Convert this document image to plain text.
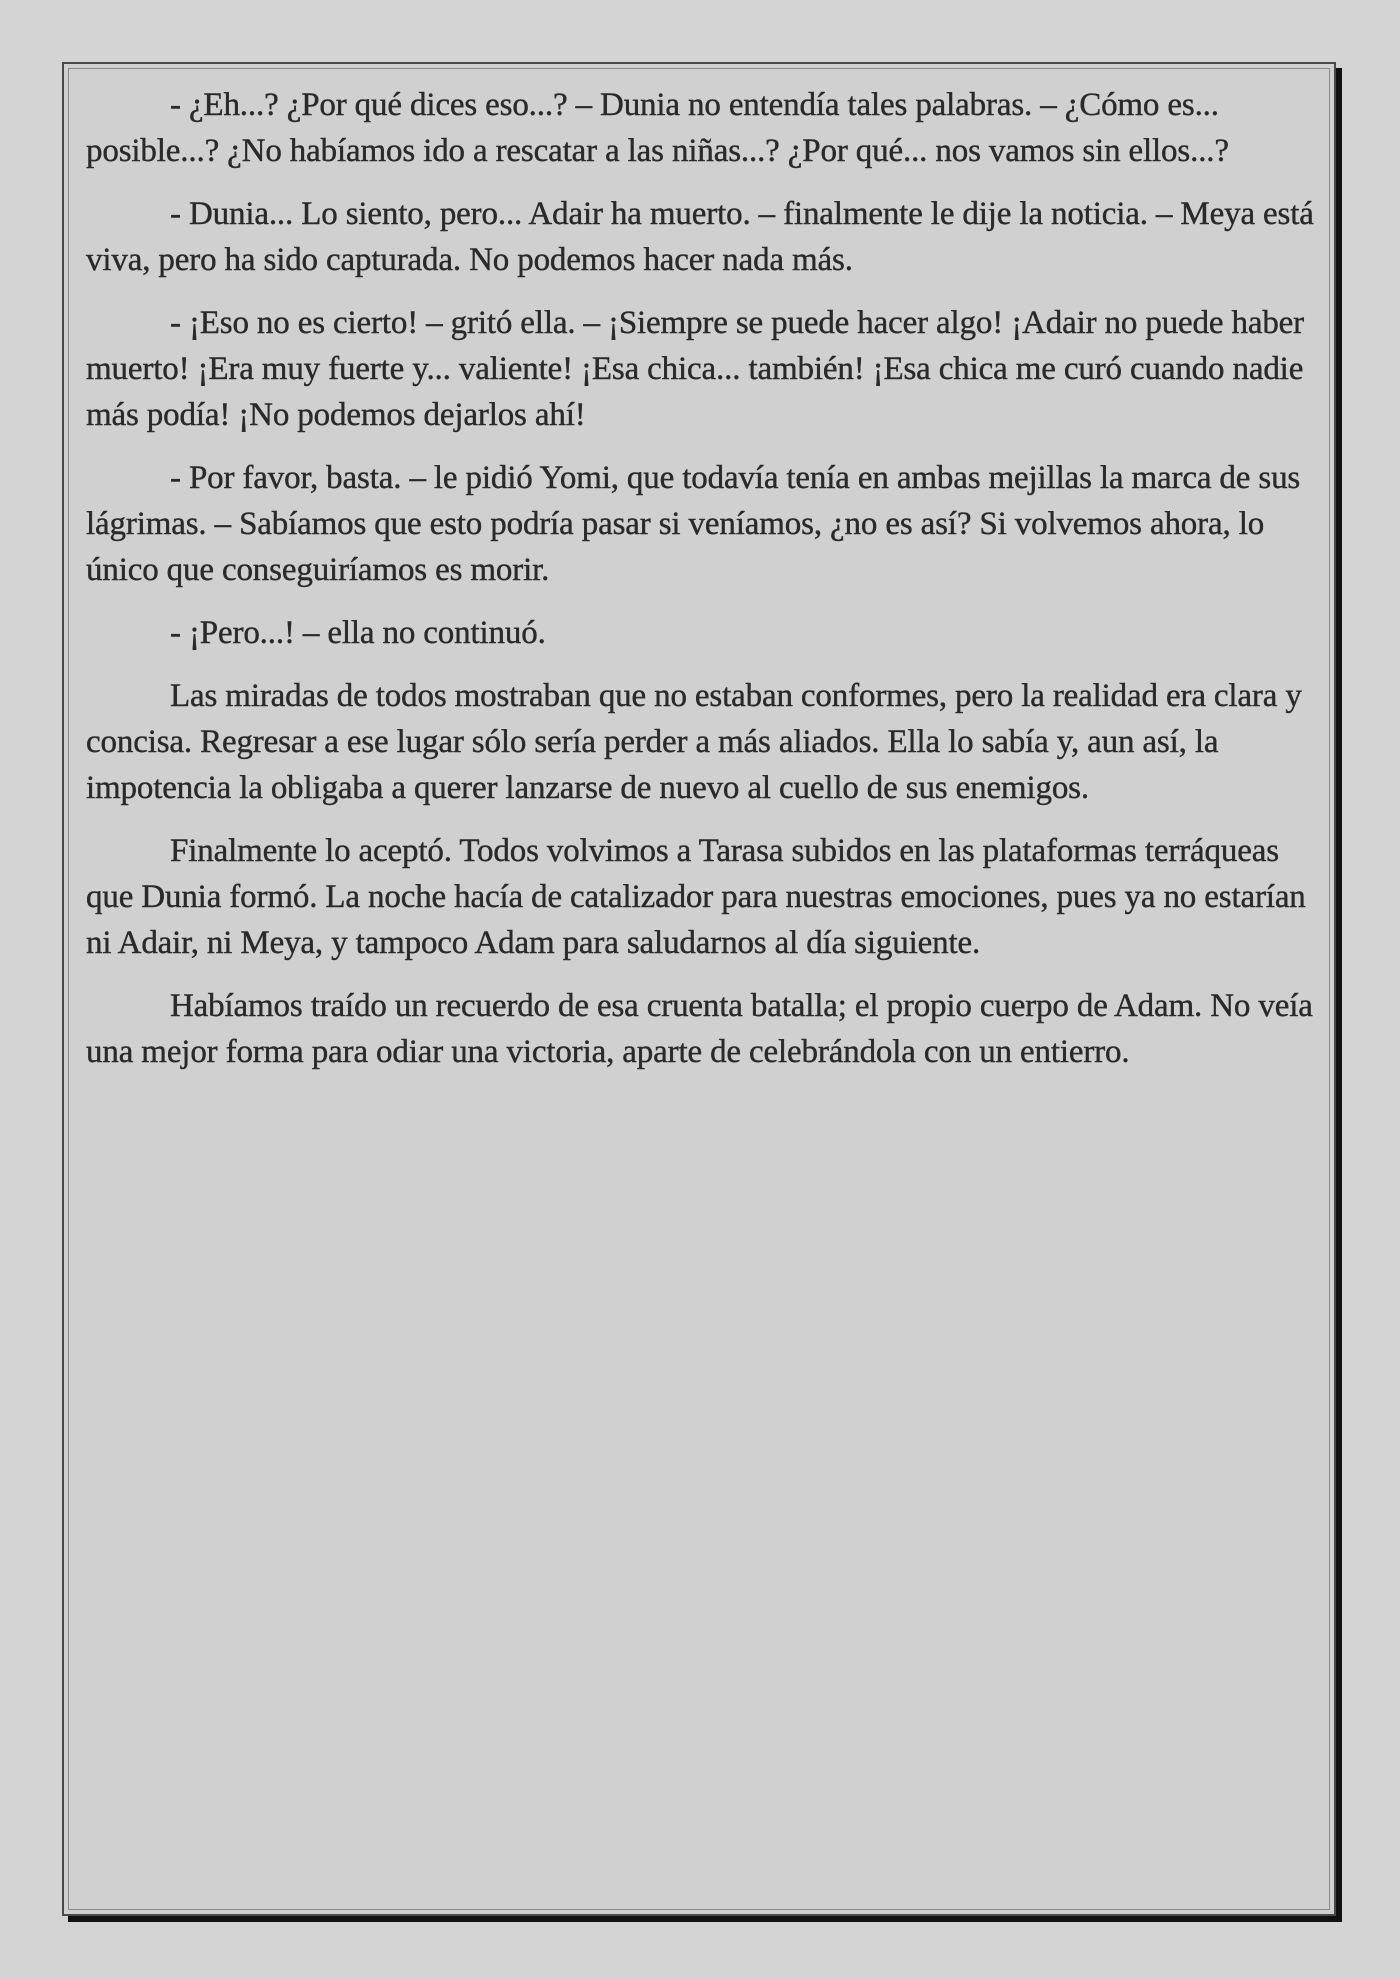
- ¿Eh...? ¿Por qué dices eso...? – Dunia no entendía tales palabras. – ¿Cómo es... posible...? ¿No habíamos ido a rescatar a las niñas...? ¿Por qué... nos vamos sin ellos...?

- Dunia... Lo siento, pero... Adair ha muerto. – finalmente le dije la noticia. – Meya está viva, pero ha sido capturada. No podemos hacer nada más.

- ¡Eso no es cierto! – gritó ella. – ¡Siempre se puede hacer algo! ¡Adair no puede haber muerto! ¡Era muy fuerte y... valiente! ¡Esa chica... también! ¡Esa chica me curó cuando nadie más podía! ¡No podemos dejarlos ahí!

- Por favor, basta. – le pidió Yomi, que todavía tenía en ambas mejillas la marca de sus lágrimas. – Sabíamos que esto podría pasar si veníamos, ¿no es así? Si volvemos ahora, lo único que conseguiríamos es morir.

- ¡Pero...! – ella no continuó.

Las miradas de todos mostraban que no estaban conformes, pero la realidad era clara y concisa. Regresar a ese lugar sólo sería perder a más aliados. Ella lo sabía y, aun así, la impotencia la obligaba a querer lanzarse de nuevo al cuello de sus enemigos.

Finalmente lo aceptó. Todos volvimos a Tarasa subidos en las plataformas terráqueas que Dunia formó. La noche hacía de catalizador para nuestras emociones, pues ya no estarían ni Adair, ni Meya, y tampoco Adam para saludarnos al día siguiente.

Habíamos traído un recuerdo de esa cruenta batalla; el propio cuerpo de Adam. No veía una mejor forma para odiar una victoria, aparte de celebrándola con un entierro.
